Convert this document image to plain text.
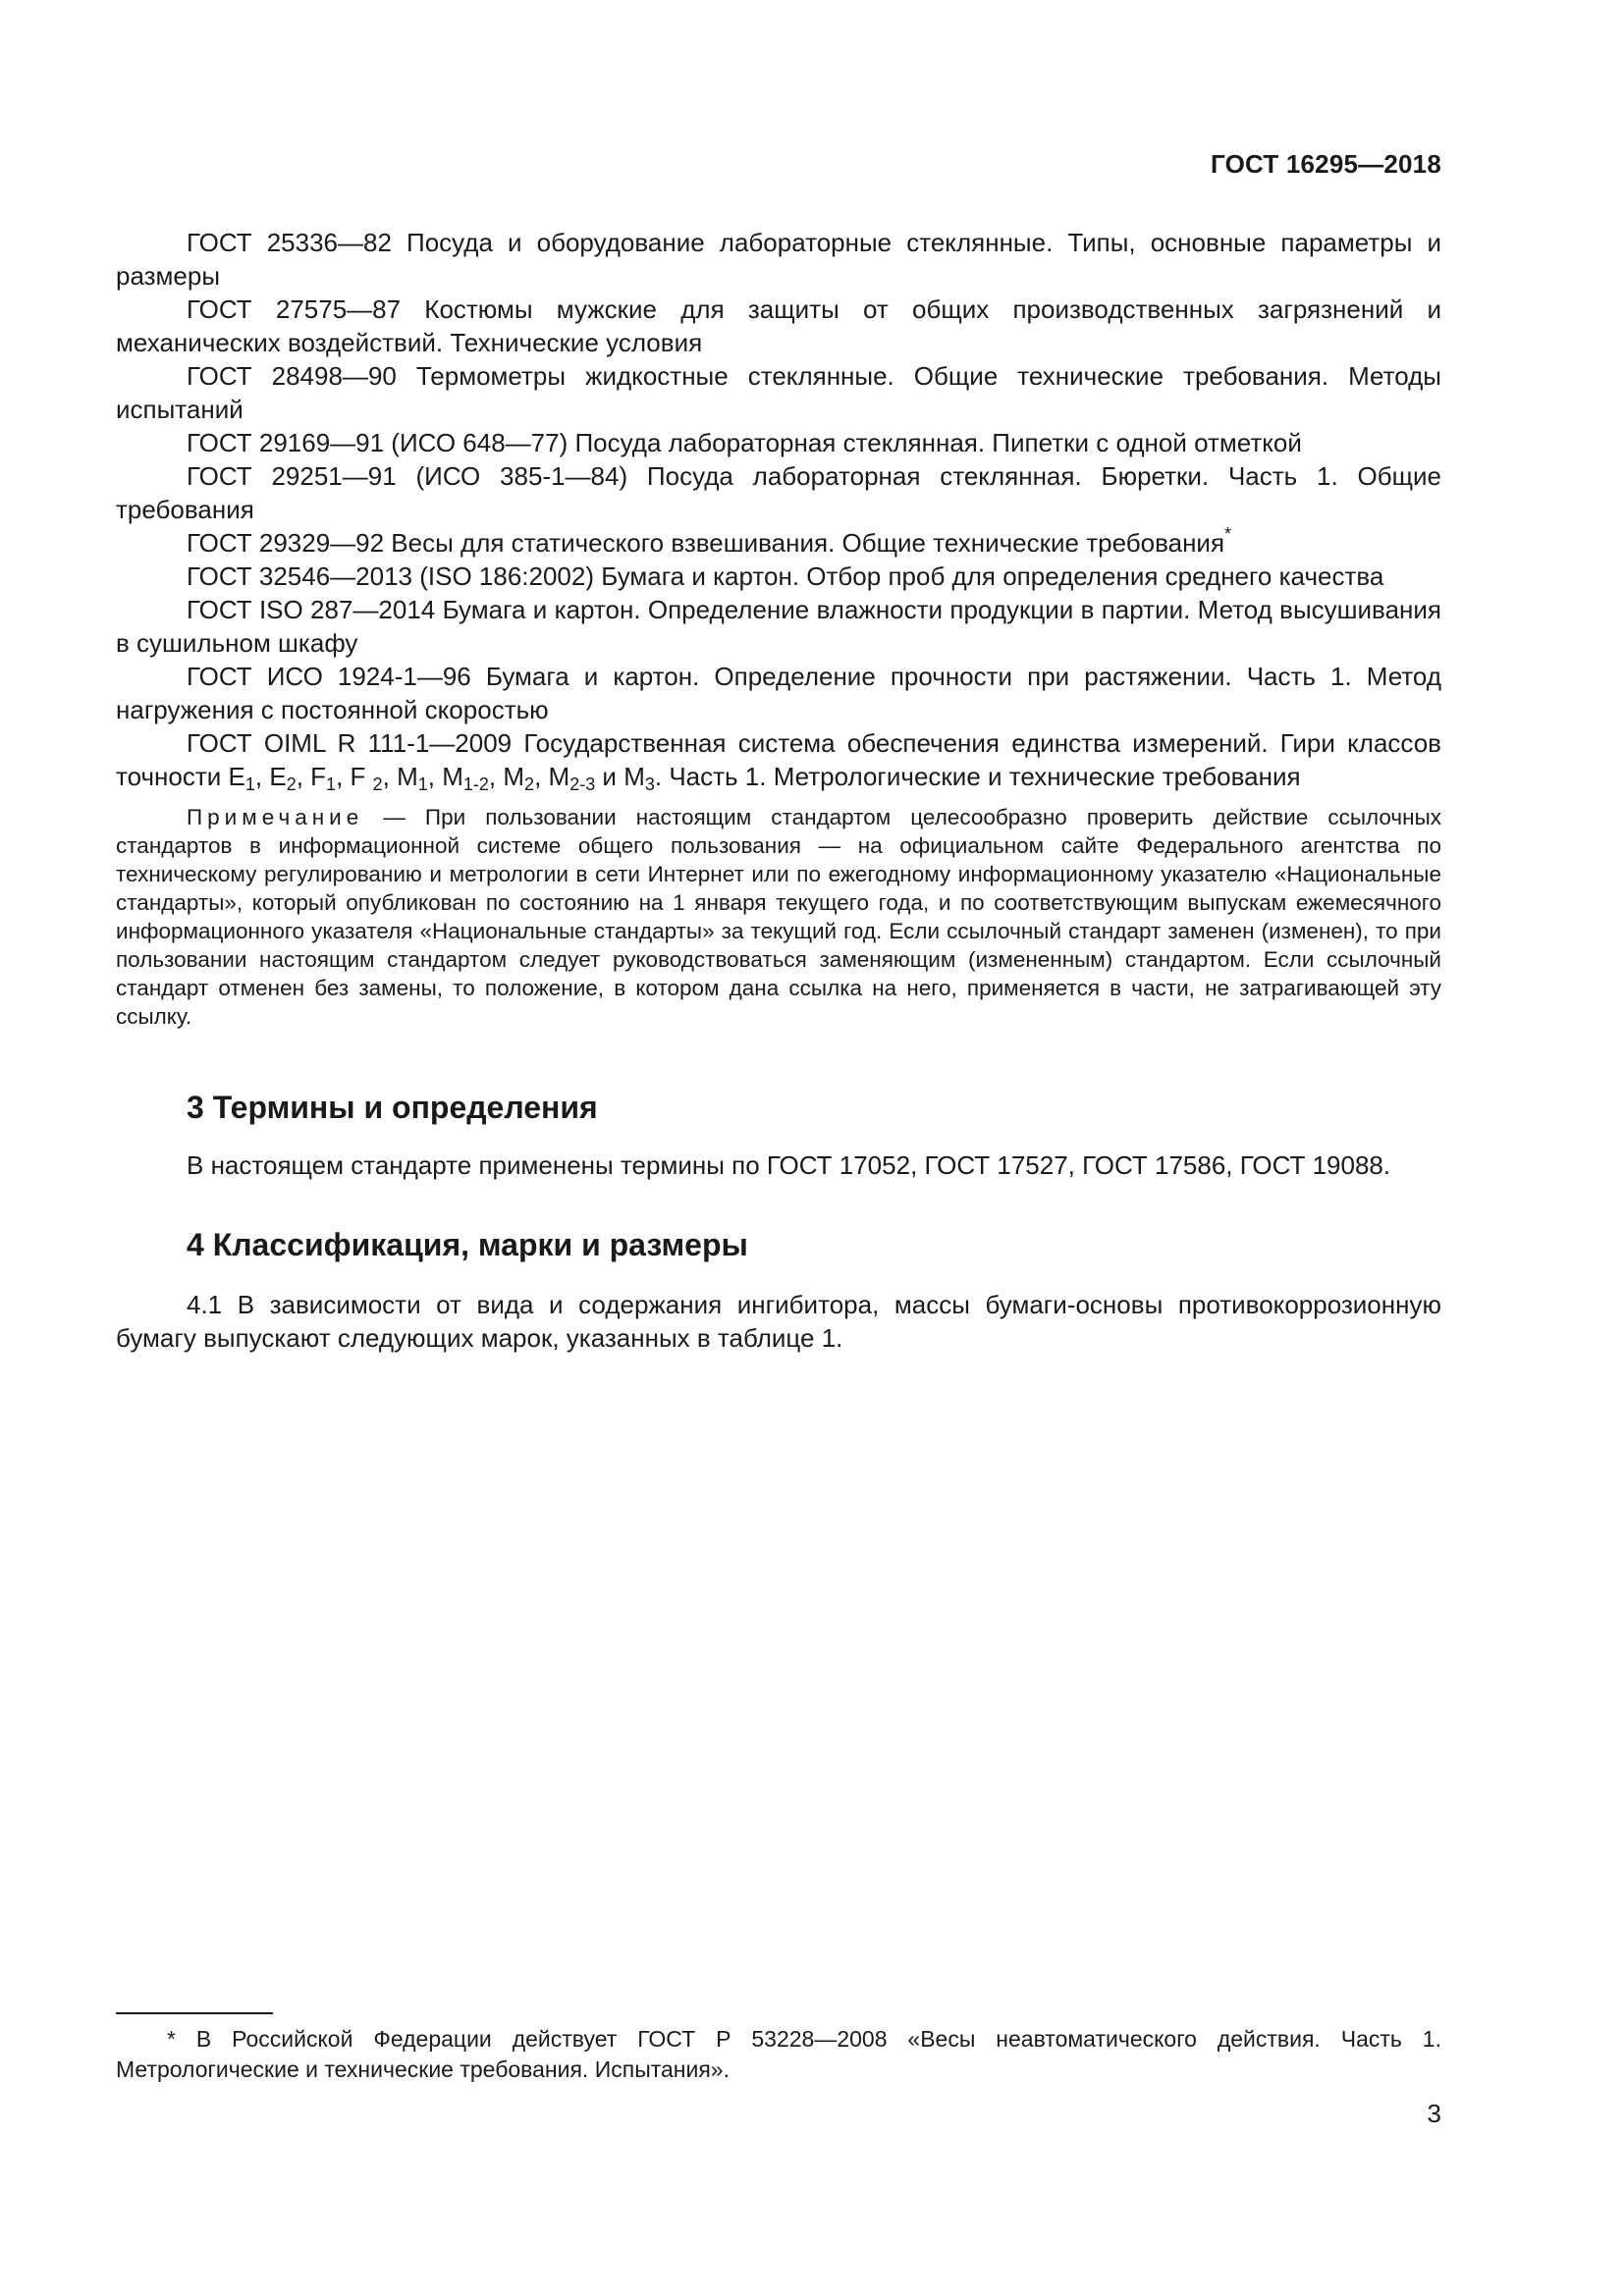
ГОСТ 16295—2018

ГОСТ 25336—82 Посуда и оборудование лабораторные стеклянные. Типы, основные параметры и размеры

ГОСТ 27575—87 Костюмы мужские для защиты от общих производственных загрязнений и механических воздействий. Технические условия

ГОСТ 28498—90 Термометры жидкостные стеклянные. Общие технические требования. Методы испытаний

ГОСТ 29169—91 (ИСО 648—77) Посуда лабораторная стеклянная. Пипетки с одной отметкой

ГОСТ 29251—91 (ИСО 385-1—84) Посуда лабораторная стеклянная. Бюретки. Часть 1. Общие требования

ГОСТ 29329—92 Весы для статического взвешивания. Общие технические требования*

ГОСТ 32546—2013 (ISO 186:2002) Бумага и картон. Отбор проб для определения среднего качества

ГОСТ ISO 287—2014 Бумага и картон. Определение влажности продукции в партии. Метод высушивания в сушильном шкафу

ГОСТ ИСО 1924-1—96 Бумага и картон. Определение прочности при растяжении. Часть 1. Метод нагружения с постоянной скоростью

ГОСТ OIML R 111-1—2009 Государственная система обеспечения единства измерений. Гири классов точности $E_1$, $E_2$, $F_1$, F $_2$, $M_1$, $M_{1-2}$, $M_2$, $M_{2-3}$ и $M_3$. Часть 1. Метрологические и технические требования

Примечание — При пользовании настоящим стандартом целесообразно проверить действие ссылочных стандартов в информационной системе общего пользования — на официальном сайте Федерального агентства по техническому регулированию и метрологии в сети Интернет или по ежегодному информационному указателю «Национальные стандарты», который опубликован по состоянию на 1 января текущего года, и по соответствующим выпускам ежемесячного информационного указателя «Национальные стандарты» за текущий год. Если ссылочный стандарт заменен (изменен), то при пользовании настоящим стандартом следует руководствоваться заменяющим (измененным) стандартом. Если ссылочный стандарт отменен без замены, то положение, в котором дана ссылка на него, применяется в части, не затрагивающей эту ссылку.

3 Термины и определения

В настоящем стандарте применены термины по ГОСТ 17052, ГОСТ 17527, ГОСТ 17586, ГОСТ 19088.

4 Классификация, марки и размеры

4.1 В зависимости от вида и содержания ингибитора, массы бумаги-основы противокоррозионную бумагу выпускают следующих марок, указанных в таблице 1.

* В Российской Федерации действует ГОСТ Р 53228—2008 «Весы неавтоматического действия. Часть 1. Метрологические и технические требования. Испытания».

3
